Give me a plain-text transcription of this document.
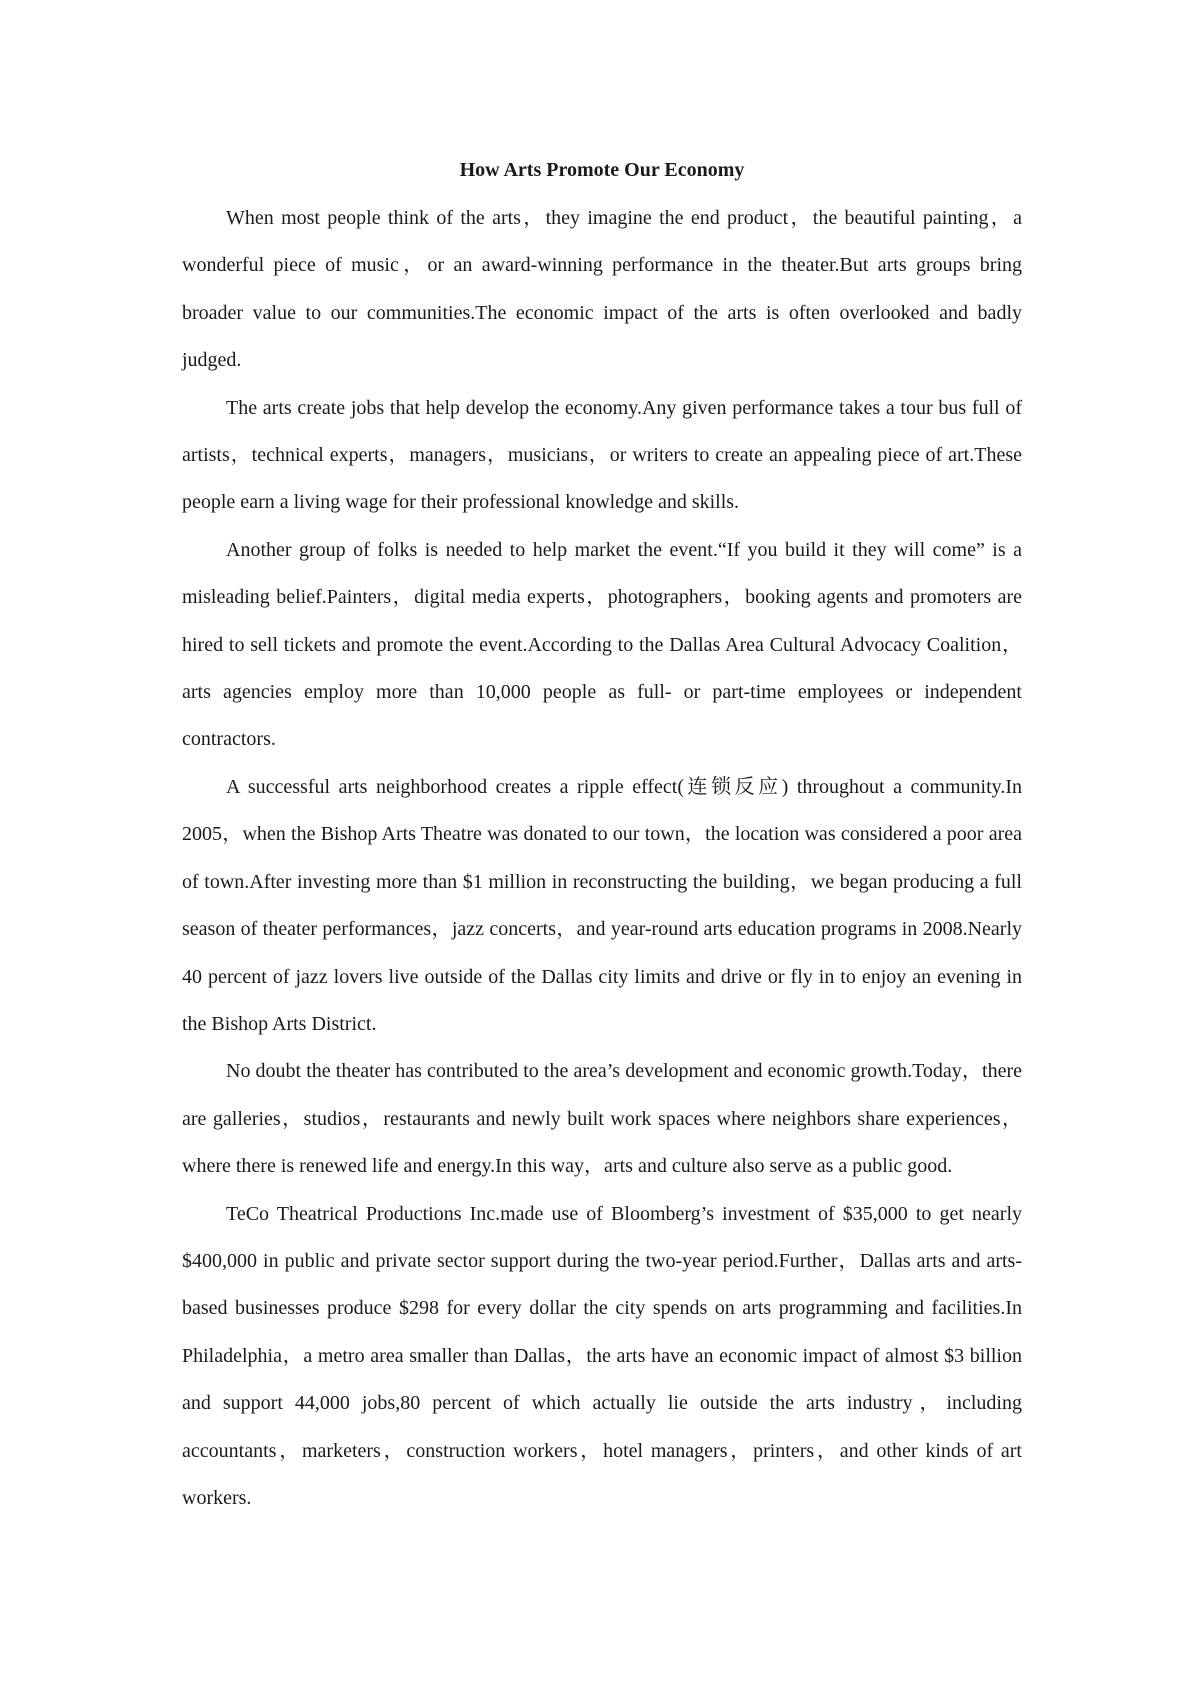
How Arts Promote Our Economy

When most people think of the arts，they imagine the end product，the beautiful painting，a wonderful piece of music，or an award-winning performance in the theater.But arts groups bring broader value to our communities.The economic impact of the arts is often overlooked and badly judged.

The arts create jobs that help develop the economy.Any given performance takes a tour bus full of artists，technical experts，managers，musicians，or writers to create an appealing piece of art.These people earn a living wage for their professional knowledge and skills.

Another group of folks is needed to help market the event.“If you build it they will come” is a misleading belief.Painters，digital media experts，photographers，booking agents and promoters are hired to sell tickets and promote the event.According to the Dallas Area Cultural Advocacy Coalition，arts agencies employ more than 10,000 people as full- or part-time employees or independent contractors.

A successful arts neighborhood creates a ripple effect(连锁反应) throughout a community.In 2005，when the Bishop Arts Theatre was donated to our town，the location was considered a poor area of town.After investing more than $1 million in reconstructing the building，we began producing a full season of theater performances，jazz concerts，and year-round arts education programs in 2008.Nearly 40 percent of jazz lovers live outside of the Dallas city limits and drive or fly in to enjoy an evening in the Bishop Arts District.

No doubt the theater has contributed to the area’s development and economic growth.Today，there are galleries，studios，restaurants and newly built work spaces where neighbors share experiences，where there is renewed life and energy.In this way，arts and culture also serve as a public good.

TeCo Theatrical Productions Inc.made use of Bloomberg’s investment of $35,000 to get nearly $400,000 in public and private sector support during the two-year period.Further，Dallas arts and arts-based businesses produce $298 for every dollar the city spends on arts programming and facilities.In Philadelphia，a metro area smaller than Dallas，the arts have an economic impact of almost $3 billion and support 44,000 jobs,80 percent of which actually lie outside the arts industry，including accountants，marketers，construction workers，hotel managers，printers，and other kinds of art workers.
